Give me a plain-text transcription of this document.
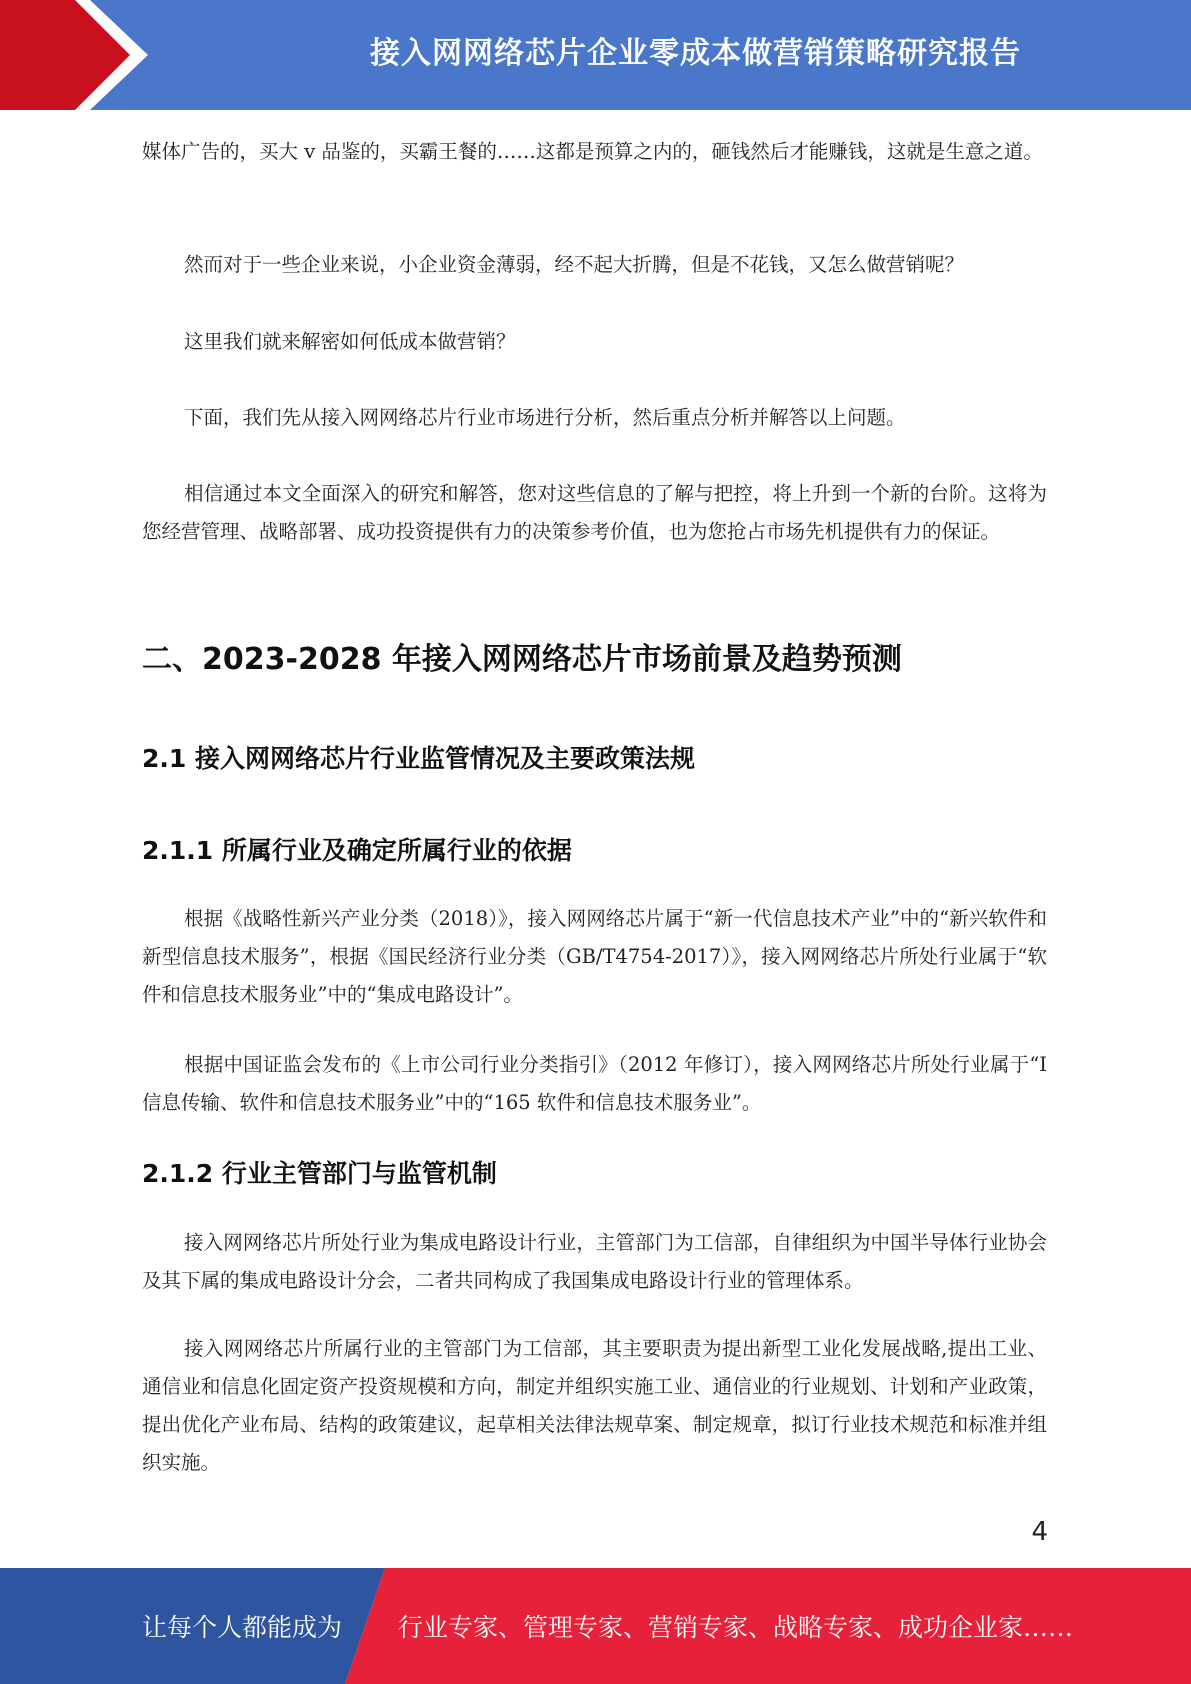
接入网网络芯片企业零成本做营销策略研究报告

媒体广告的，买大 v 品鉴的，买霸王餐的……这都是预算之内的，砸钱然后才能赚钱，这就是生意之道。

然而对于一些企业来说，小企业资金薄弱，经不起大折腾，但是不花钱，又怎么做营销呢？

这里我们就来解密如何低成本做营销？

下面，我们先从接入网网络芯片行业市场进行分析，然后重点分析并解答以上问题。

相信通过本文全面深入的研究和解答，您对这些信息的了解与把控，将上升到一个新的台阶。这将为您经营管理、战略部署、成功投资提供有力的决策参考价值，也为您抢占市场先机提供有力的保证。

二、2023-2028 年接入网网络芯片市场前景及趋势预测
2.1 接入网网络芯片行业监管情况及主要政策法规
2.1.1 所属行业及确定所属行业的依据

根据《战略性新兴产业分类（2018）》，接入网网络芯片属于“新一代信息技术产业”中的“新兴软件和新型信息技术服务”，根据《国民经济行业分类（GB/T4754-2017）》，接入网网络芯片所处行业属于“软件和信息技术服务业”中的“集成电路设计”。

根据中国证监会发布的《上市公司行业分类指引》（2012 年修订），接入网网络芯片所处行业属于“I 信息传输、软件和信息技术服务业”中的“165 软件和信息技术服务业”。

2.1.2 行业主管部门与监管机制

接入网网络芯片所处行业为集成电路设计行业，主管部门为工信部，自律组织为中国半导体行业协会及其下属的集成电路设计分会，二者共同构成了我国集成电路设计行业的管理体系。

接入网网络芯片所属行业的主管部门为工信部，其主要职责为提出新型工业化发展战略,提出工业、通信业和信息化固定资产投资规模和方向，制定并组织实施工业、通信业的行业规划、计划和产业政策，提出优化产业布局、结构的政策建议，起草相关法律法规草案、制定规章，拟订行业技术规范和标准并组织实施。

4
让每个人都能成为 行业专家、管理专家、营销专家、战略专家、成功企业家……
